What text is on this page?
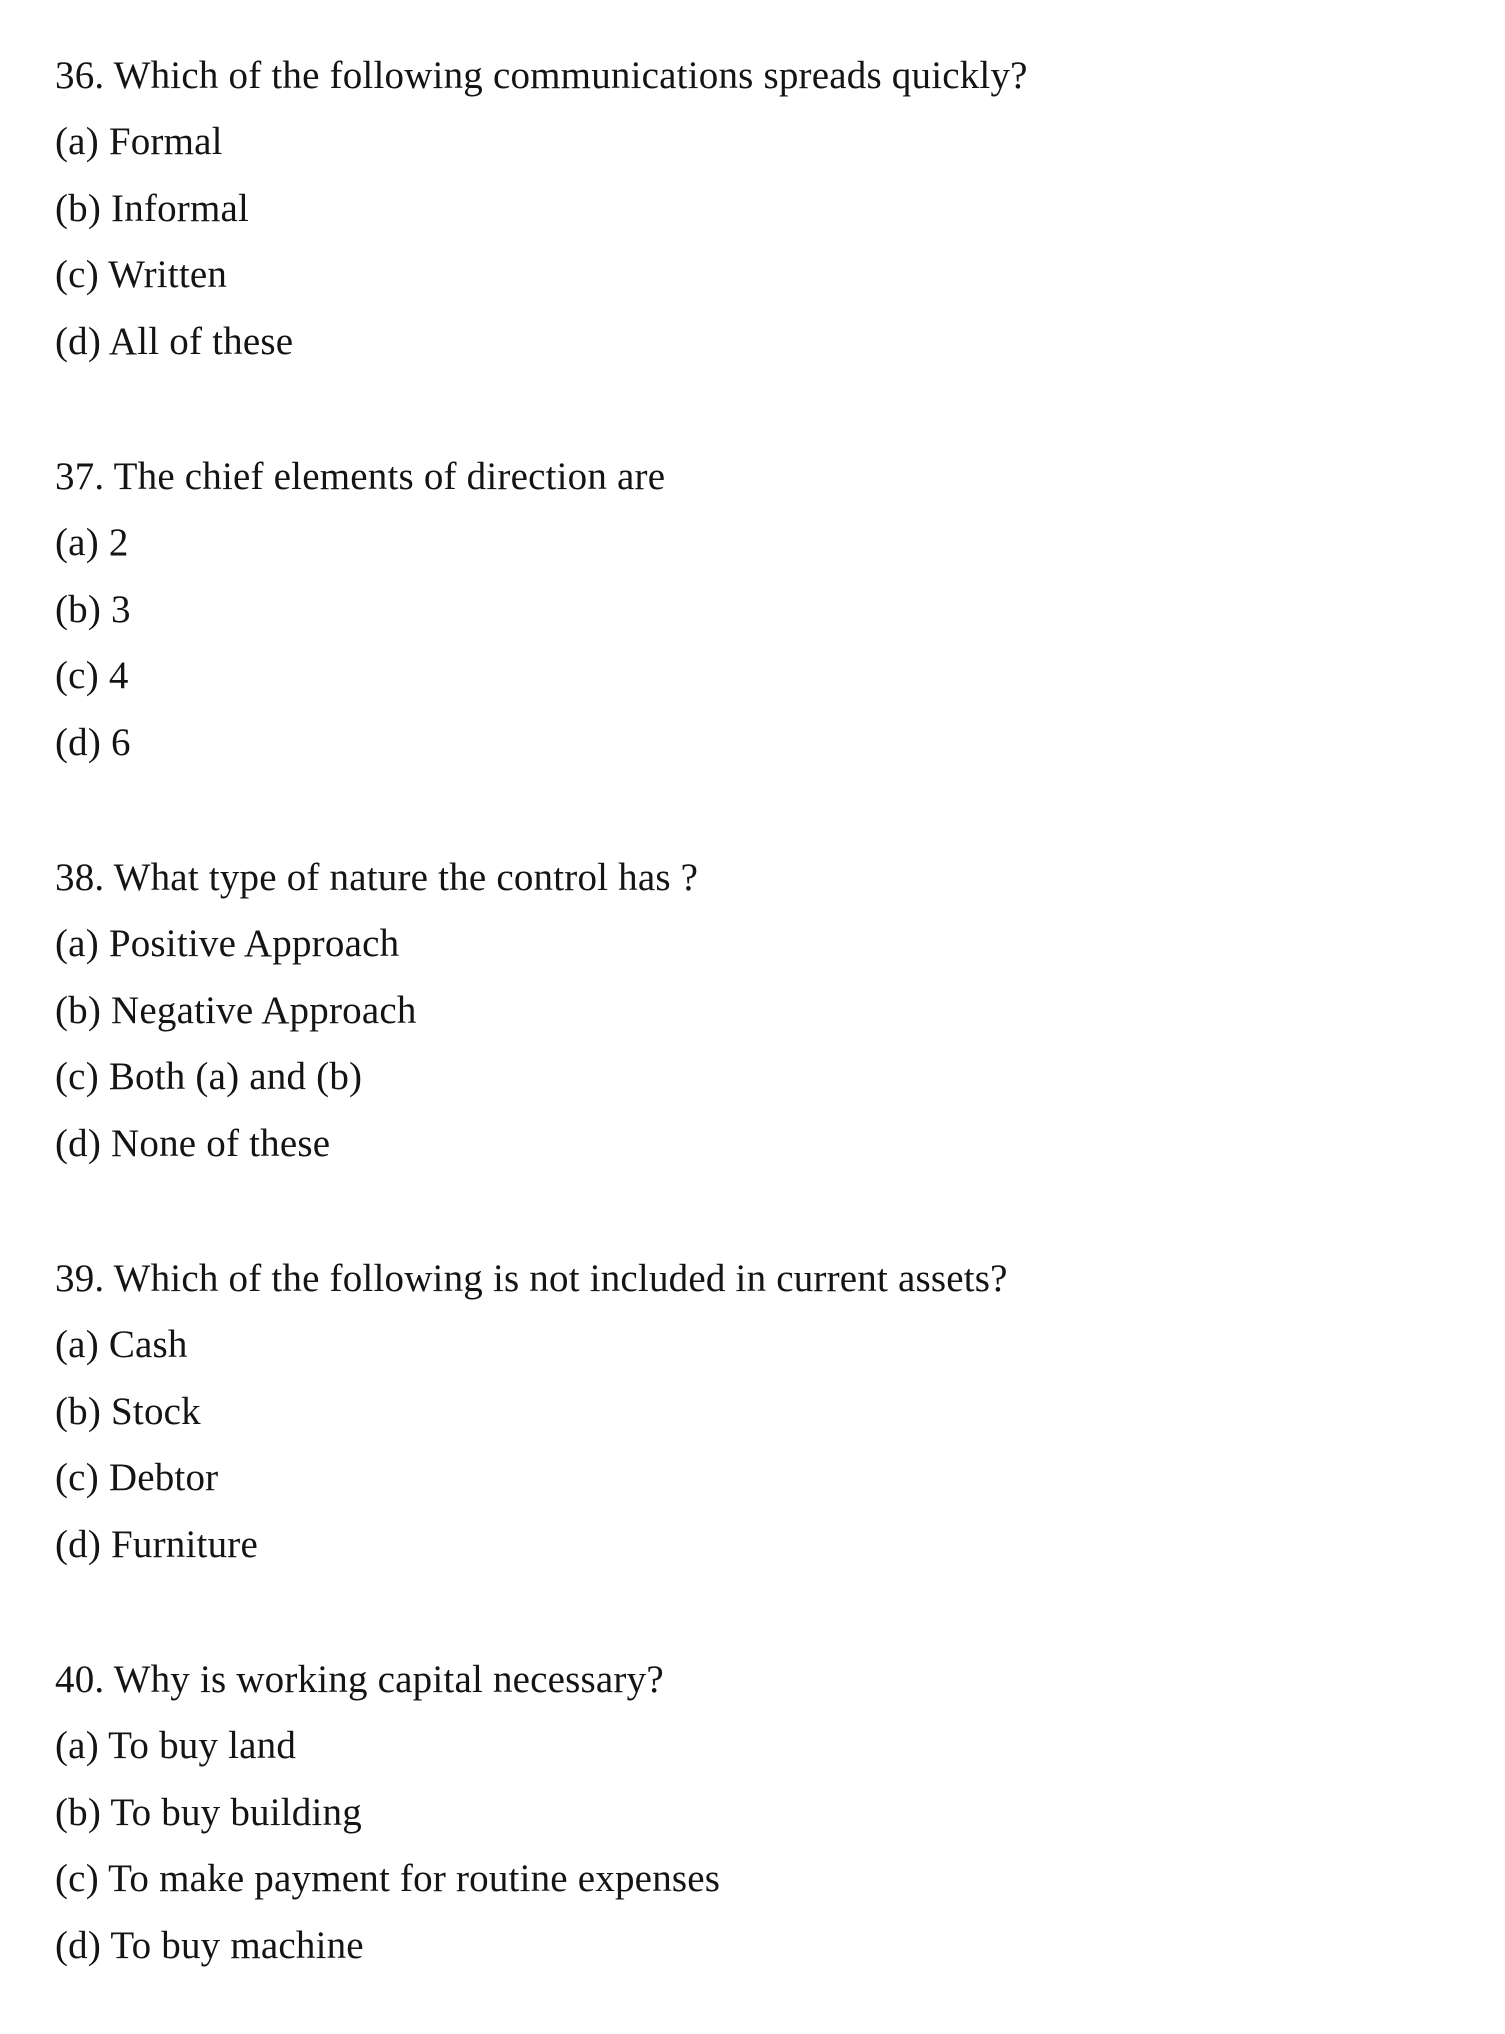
36. Which of the following communications spreads quickly?
(a) Formal
(b) Informal
(c) Written
(d) All of these
37. The chief elements of direction are
(a) 2
(b) 3
(c) 4
(d) 6
38. What type of nature the control has ?
(a) Positive Approach
(b) Negative Approach
(c) Both (a) and (b)
(d) None of these
39. Which of the following is not included in current assets?
(a) Cash
(b) Stock
(c) Debtor
(d) Furniture
40. Why is working capital necessary?
(a) To buy land
(b) To buy building
(c) To make payment for routine expenses
(d) To buy machine
